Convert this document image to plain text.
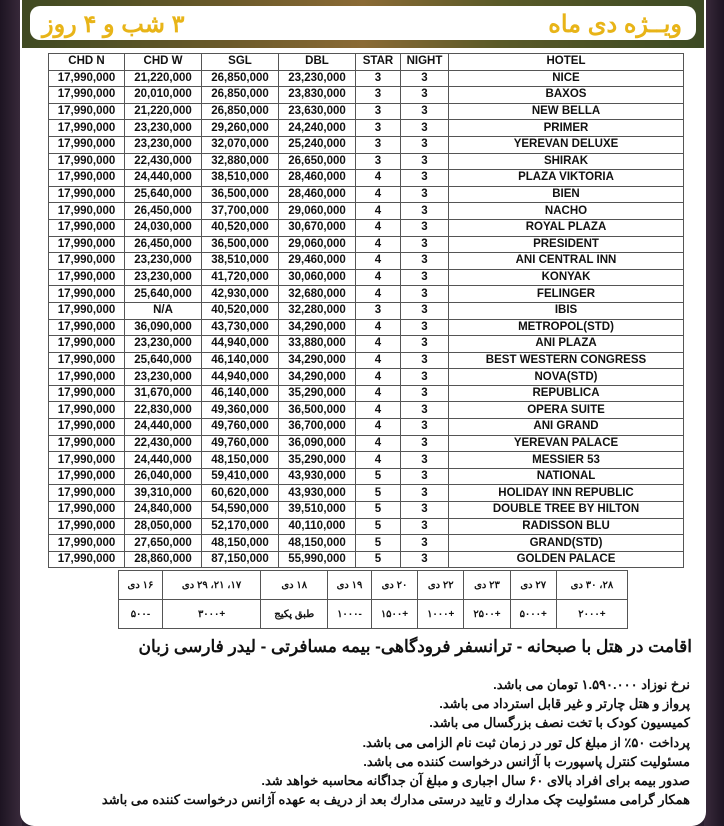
ویــژه دی ماه
۳ شب و ۴ روز
CHD N	CHD W	SGL	DBL	STAR	NIGHT	HOTEL
17,990,000	21,220,000	26,850,000	23,230,000	3	3	NICE
17,990,000	20,010,000	26,850,000	23,830,000	3	3	BAXOS
17,990,000	21,220,000	26,850,000	23,630,000	3	3	NEW BELLA
17,990,000	23,230,000	29,260,000	24,240,000	3	3	PRIMER
17,990,000	23,230,000	32,070,000	25,240,000	3	3	YEREVAN DELUXE
17,990,000	22,430,000	32,880,000	26,650,000	3	3	SHIRAK
17,990,000	24,440,000	38,510,000	28,460,000	4	3	PLAZA VIKTORIA
17,990,000	25,640,000	36,500,000	28,460,000	4	3	BIEN
17,990,000	26,450,000	37,700,000	29,060,000	4	3	NACHO
17,990,000	24,030,000	40,520,000	30,670,000	4	3	ROYAL PLAZA
17,990,000	26,450,000	36,500,000	29,060,000	4	3	PRESIDENT
17,990,000	23,230,000	38,510,000	29,460,000	4	3	ANI CENTRAL INN
17,990,000	23,230,000	41,720,000	30,060,000	4	3	KONYAK
17,990,000	25,640,000	42,930,000	32,680,000	4	3	FELINGER
17,990,000	N/A	40,520,000	32,280,000	3	3	IBIS
17,990,000	36,090,000	43,730,000	34,290,000	4	3	METROPOL(STD)
17,990,000	23,230,000	44,940,000	33,880,000	4	3	ANI PLAZA
17,990,000	25,640,000	46,140,000	34,290,000	4	3	BEST WESTERN CONGRESS
17,990,000	23,230,000	44,940,000	34,290,000	4	3	NOVA(STD)
17,990,000	31,670,000	46,140,000	35,290,000	4	3	REPUBLICA
17,990,000	22,830,000	49,360,000	36,500,000	4	3	OPERA SUITE
17,990,000	24,440,000	49,760,000	36,700,000	4	3	ANI GRAND
17,990,000	22,430,000	49,760,000	36,090,000	4	3	YEREVAN PALACE
17,990,000	24,440,000	48,150,000	35,290,000	4	3	MESSIER 53
17,990,000	26,040,000	59,410,000	43,930,000	5	3	NATIONAL
17,990,000	39,310,000	60,620,000	43,930,000	5	3	HOLIDAY INN REPUBLIC
17,990,000	24,840,000	54,590,000	39,510,000	5	3	DOUBLE TREE BY HILTON
17,990,000	28,050,000	52,170,000	40,110,000	5	3	RADISSON BLU
17,990,000	27,650,000	48,150,000	48,150,000	5	3	GRAND(STD)
17,990,000	28,860,000	87,150,000	55,990,000	5	3	GOLDEN PALACE
۲۸، ۳۰ دی	۲۷ دی	۲۳ دی	۲۲ دی	۲۰ دی	۱۹ دی	۱۸ دی	۱۷، ۲۱، ۲۹ دی	۱۶ دی
+۲۰۰۰	+۵۰۰۰	+۲۵۰۰	+۱۰۰۰	+۱۵۰۰	-۱۰۰۰	طبق پکیج	+۳۰۰۰	-۵۰۰
اقامت در هتل با صبحانه - ترانسفر فرودگاهی- بیمه مسافرتی - لیدر فارسی زبان
نرخ نوزاد ۱.۵۹۰.۰۰۰ تومان می باشد.
پرواز و هتل چارتر و غیر قابل استرداد می باشد.
کمیسیون کودک با تخت نصف بزرگسال می باشد.
پرداخت ۵۰٪ از مبلغ کل تور در زمان ثبت نام الزامی می باشد.
مسئولیت کنترل پاسپورت با آژانس درخواست کننده می باشد.
صدور بیمه برای افراد بالای ۶۰ سال اجباری و مبلغ آن جداگانه محاسبه خواهد شد.
همکار گرامی مسئولیت چک مدارك و تایید درستی مدارك بعد از دریف به عهده آژانس درخواست کننده می باشد
